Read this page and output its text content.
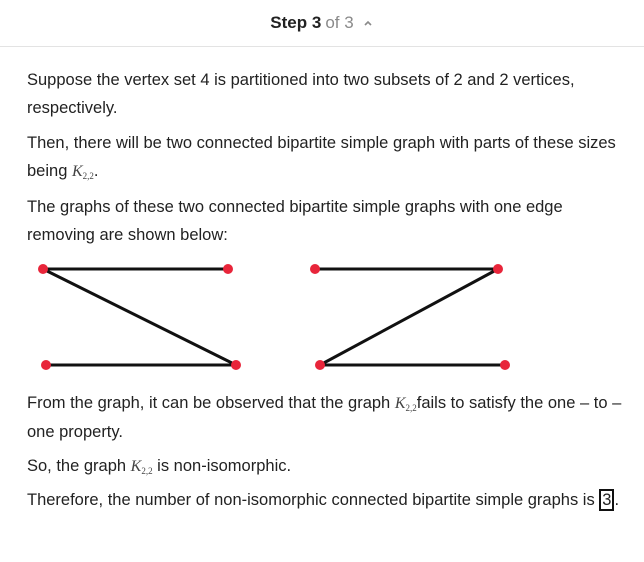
Step 3 of 3

Suppose the vertex set 4 is partitioned into two subsets of 2 and 2 vertices, respectively.

Then, there will be two connected bipartite simple graph with parts of these sizes being $K_{2,2}$.

The graphs of these two connected bipartite simple graphs with one edge removing are shown below:

From the graph, it can be observed that the graph $K_{2,2}fails$ to satisfy the one – to – one property.

So, the graph $K_{2,2}$ is non-isomorphic.

Therefore, the number of non-isomorphic connected bipartite simple graphs is 3 .
